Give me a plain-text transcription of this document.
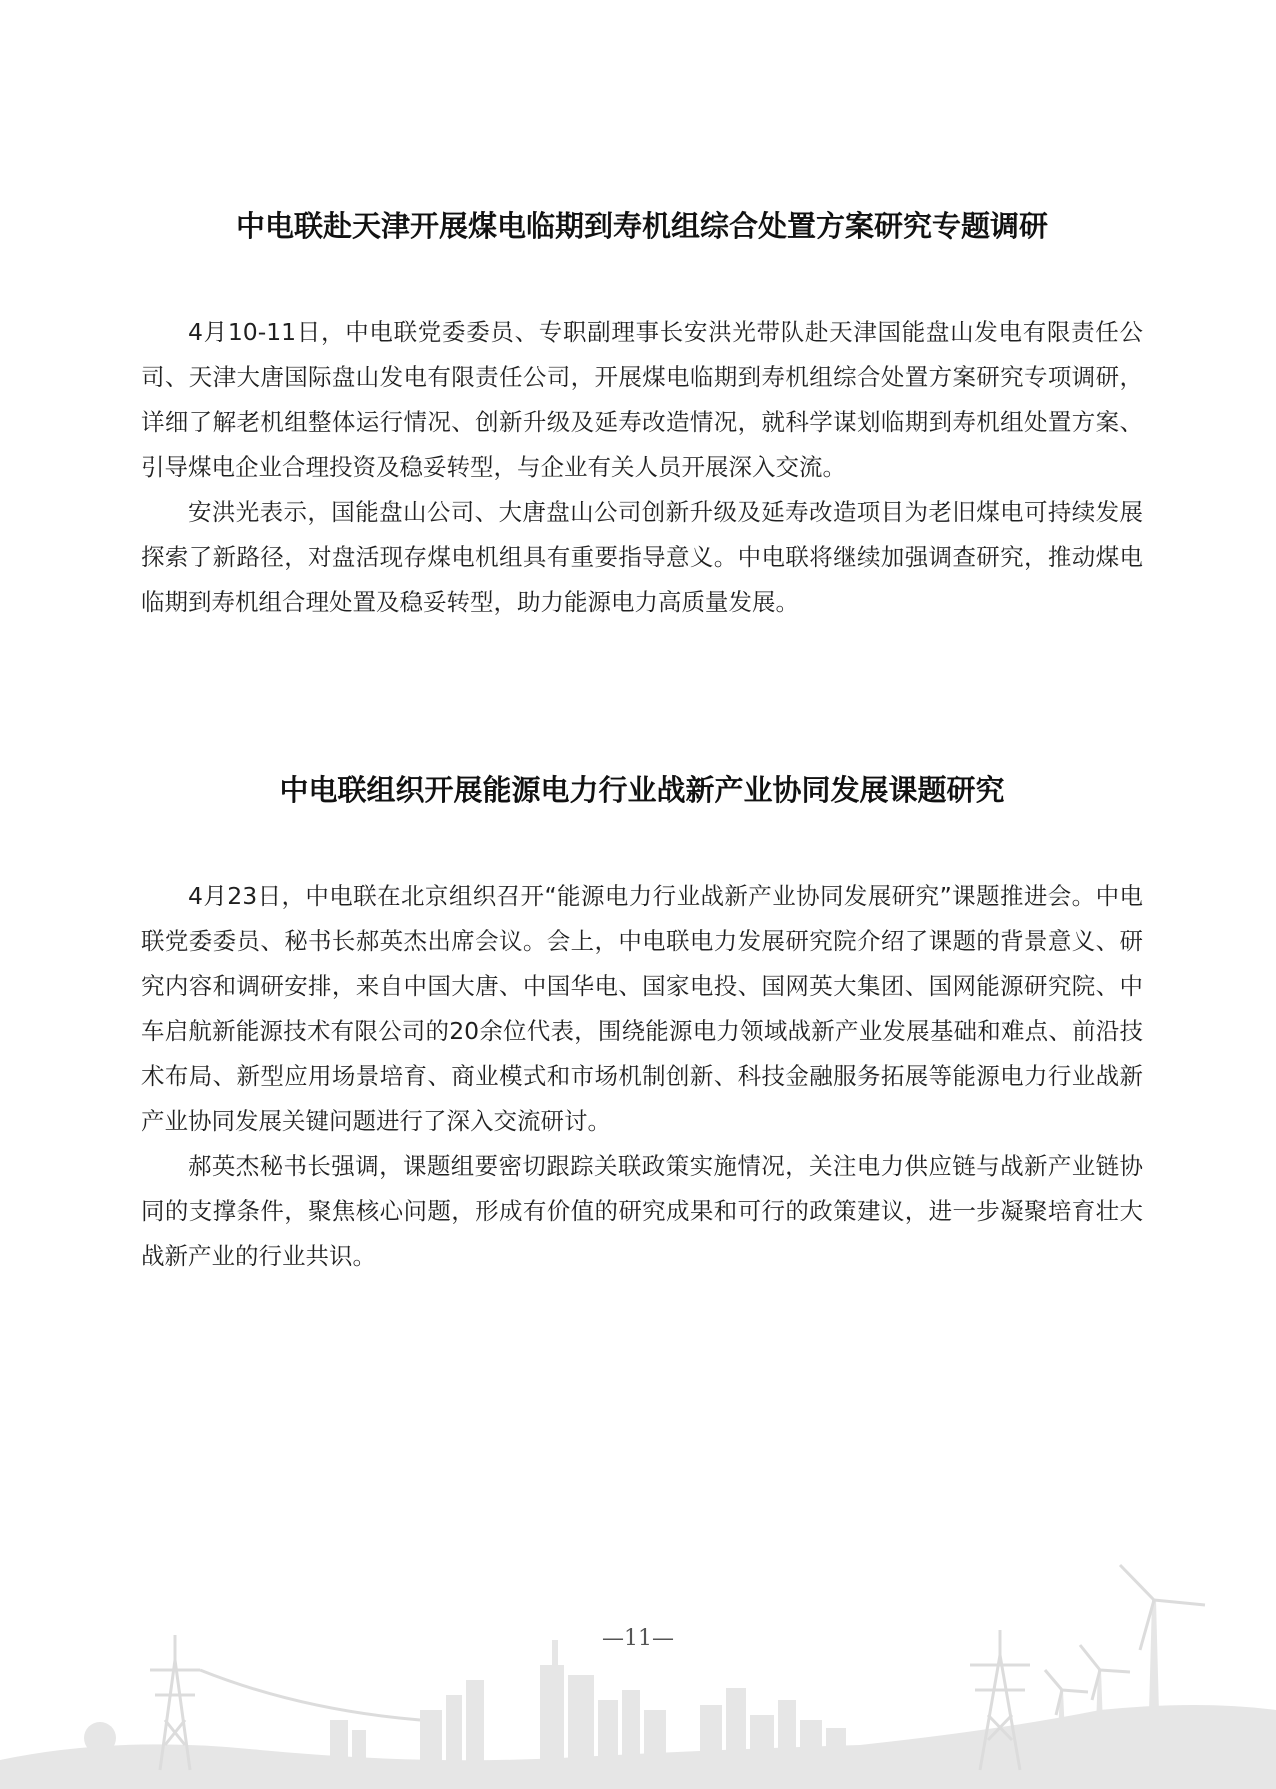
中电联赴天津开展煤电临期到寿机组综合处置方案研究专题调研

4月10-11日，中电联党委委员、专职副理事长安洪光带队赴天津国能盘山发电有限责任公司、天津大唐国际盘山发电有限责任公司，开展煤电临期到寿机组综合处置方案研究专项调研，详细了解老机组整体运行情况、创新升级及延寿改造情况，就科学谋划临期到寿机组处置方案、引导煤电企业合理投资及稳妥转型，与企业有关人员开展深入交流。

安洪光表示，国能盘山公司、大唐盘山公司创新升级及延寿改造项目为老旧煤电可持续发展探索了新路径，对盘活现存煤电机组具有重要指导意义。中电联将继续加强调查研究，推动煤电临期到寿机组合理处置及稳妥转型，助力能源电力高质量发展。

中电联组织开展能源电力行业战新产业协同发展课题研究

4月23日，中电联在北京组织召开“能源电力行业战新产业协同发展研究”课题推进会。中电联党委委员、秘书长郝英杰出席会议。会上，中电联电力发展研究院介绍了课题的背景意义、研究内容和调研安排，来自中国大唐、中国华电、国家电投、国网英大集团、国网能源研究院、中车启航新能源技术有限公司的20余位代表，围绕能源电力领域战新产业发展基础和难点、前沿技术布局、新型应用场景培育、商业模式和市场机制创新、科技金融服务拓展等能源电力行业战新产业协同发展关键问题进行了深入交流研讨。

郝英杰秘书长强调，课题组要密切跟踪关联政策实施情况，关注电力供应链与战新产业链协同的支撑条件，聚焦核心问题，形成有价值的研究成果和可行的政策建议，进一步凝聚培育壮大战新产业的行业共识。

—11—
